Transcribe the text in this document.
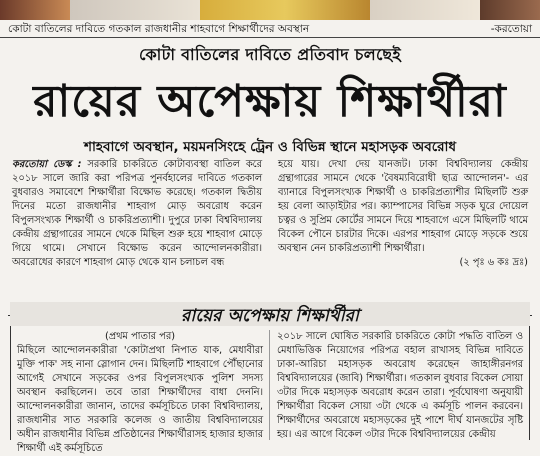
কোটা বাতিলের দাবিতে গতকাল রাজধানীর শাহবাগে শিক্ষার্থীদের অবস্থান	-করতোয়া
কোটা বাতিলের দাবিতে প্রতিবাদ চলছেই
রায়ের অপেক্ষায় শিক্ষার্থীরা
শাহবাগে অবস্থান, ময়মনসিংহে ট্রেন ও বিভিন্ন স্থানে মহাসড়ক অবরোধ
করতোয়া ডেস্ক : সরকারি চাকরিতে কোটাব্যবস্থা বাতিল করে ২০১৮ সালে জারি করা পরিপত্র পুনর্বহালের দাবিতে গতকাল বুধবারও সমাবেশে শিক্ষার্থীরা বিক্ষোভ করেছে। গতকাল দ্বিতীয় দিনের মতো রাজধানীর শাহবাগ মোড় অবরোধ করেন বিপুলসংখ্যক শিক্ষার্থী ও চাকরিপ্রত্যাশী। দুপুরে ঢাকা বিশ্ববিদ্যালয় কেন্দ্রীয় গ্রন্থাগারের সামনে থেকে মিছিল শুরু হয়ে শাহবাগ মোড়ে গিয়ে থামে। সেখানে বিক্ষোভ করেন আন্দোলনকারীরা। অবরোধের কারণে শাহবাগ মোড় থেকে যান চলাচল বন্ধ
হয়ে যায়। দেখা দেয় যানজট। ঢাকা বিশ্ববিদ্যালয় কেন্দ্রীয় গ্রন্থাগারের সামনে থেকে 'বৈষম্যবিরোধী ছাত্র আন্দোলন'- এর ব্যানারে বিপুলসংখ্যক শিক্ষার্থী ও চাকরিপ্রত্যাশীর মিছিলটি শুরু হয় বেলা আড়াইটার পর। ক্যাম্পাসের বিভিন্ন সড়ক ঘুরে দোয়েল চত্বর ও সুপ্রিম কোর্টের সামনে দিয়ে শাহবাগে এসে মিছিলটি থামে বিকেল পৌনে চারটার দিকে। এরপর শাহবাগ মোড়ে সড়কে শুয়ে অবস্থান নেন চাকরিপ্রত্যাশী শিক্ষার্থীরা।
(২ পৃঃ ৬ কঃ দ্রঃ)
রায়ের অপেক্ষায় শিক্ষার্থীরা
(প্রথম পাতার পর)
মিছিলে আন্দোলনকারীরা 'কোটাপ্রথা নিপাত যাক, মেধাবীরা মুক্তি পাক' সহ নানা স্লোগান দেন। মিছিলটি শাহবাগে পৌঁছানোর আগেই সেখানে সড়কের ওপর বিপুলসংখ্যক পুলিশ সদস্য অবস্থান করছিলেন। তবে তারা শিক্ষার্থীদের বাধা দেননি। আন্দোলনকারীরা জানান, তাদের কর্মসূচিতে ঢাকা বিশ্ববিদ্যালয়, রাজধানীর সাত সরকারি কলেজ ও জাতীয় বিশ্ববিদ্যালয়ের অধীন রাজধানীর বিভিন্ন প্রতিষ্ঠানের শিক্ষার্থীরাসহ হাজার হাজার শিক্ষার্থী এই কর্মসূচিতে
২০১৮ সালে ঘোষিত সরকারি চাকরিতে কোটা পদ্ধতি বাতিল ও মেধাভিত্তিক নিয়োগের পরিপত্র বহাল রাখাসহ বিভিন্ন দাবিতে ঢাকা-আরিচা মহাসড়ক অবরোধ করেছেন জাহাঙ্গীরনগর বিশ্ববিদ্যালয়ের (জাবি) শিক্ষার্থীরা। গতকাল বুধবার বিকেল সোয়া ৩টার দিকে মহাসড়ক অবরোধ করেন তারা। পূর্বঘোষণা অনুযায়ী শিক্ষার্থীরা বিকেল সোয়া ৩টা থেকে এ কর্মসূচি পালন করবেন। শিক্ষার্থীদের অবরোধে মহাসড়কের দুই পাশে দীর্ঘ যানজটের সৃষ্টি হয়। এর আগে বিকেল ৩টার দিকে বিশ্ববিদ্যালয়ের কেন্দ্রীয়
